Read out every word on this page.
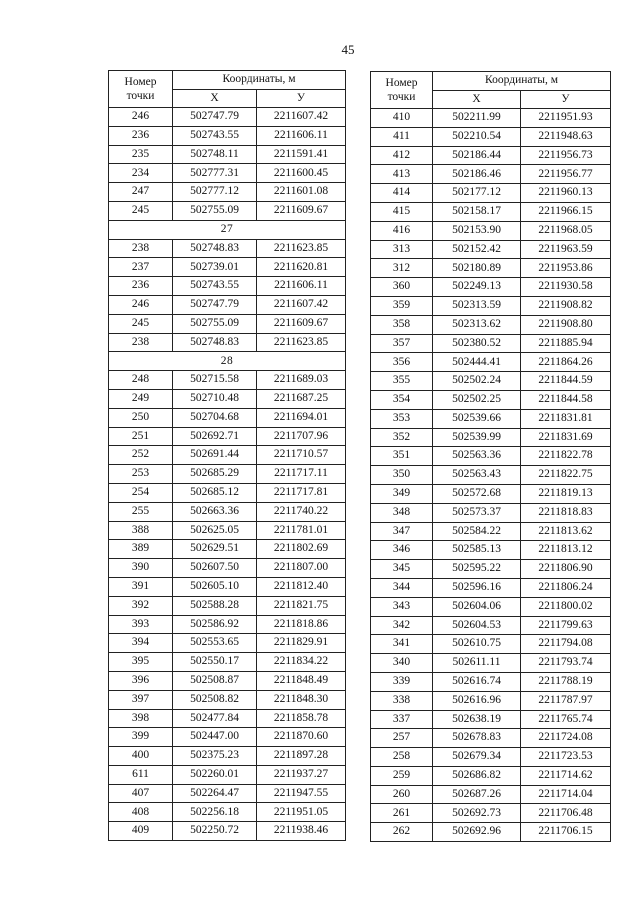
45
Номер точки	Координаты, м	
	X	У
246	502747.79	2211607.42
236	502743.55	2211606.11
235	502748.11	2211591.41
234	502777.31	2211600.45
247	502777.12	2211601.08
245	502755.09	2211609.67
27		
238	502748.83	2211623.85
237	502739.01	2211620.81
236	502743.55	2211606.11
246	502747.79	2211607.42
245	502755.09	2211609.67
238	502748.83	2211623.85
28		
248	502715.58	2211689.03
249	502710.48	2211687.25
250	502704.68	2211694.01
251	502692.71	2211707.96
252	502691.44	2211710.57
253	502685.29	2211717.11
254	502685.12	2211717.81
255	502663.36	2211740.22
388	502625.05	2211781.01
389	502629.51	2211802.69
390	502607.50	2211807.00
391	502605.10	2211812.40
392	502588.28	2211821.75
393	502586.92	2211818.86
394	502553.65	2211829.91
395	502550.17	2211834.22
396	502508.87	2211848.49
397	502508.82	2211848.30
398	502477.84	2211858.78
399	502447.00	2211870.60
400	502375.23	2211897.28
611	502260.01	2211937.27
407	502264.47	2211947.55
408	502256.18	2211951.05
409	502250.72	2211938.46
Номер точки	Координаты, м	
	X	У
410	502211.99	2211951.93
411	502210.54	2211948.63
412	502186.44	2211956.73
413	502186.46	2211956.77
414	502177.12	2211960.13
415	502158.17	2211966.15
416	502153.90	2211968.05
313	502152.42	2211963.59
312	502180.89	2211953.86
360	502249.13	2211930.58
359	502313.59	2211908.82
358	502313.62	2211908.80
357	502380.52	2211885.94
356	502444.41	2211864.26
355	502502.24	2211844.59
354	502502.25	2211844.58
353	502539.66	2211831.81
352	502539.99	2211831.69
351	502563.36	2211822.78
350	502563.43	2211822.75
349	502572.68	2211819.13
348	502573.37	2211818.83
347	502584.22	2211813.62
346	502585.13	2211813.12
345	502595.22	2211806.90
344	502596.16	2211806.24
343	502604.06	2211800.02
342	502604.53	2211799.63
341	502610.75	2211794.08
340	502611.11	2211793.74
339	502616.74	2211788.19
338	502616.96	2211787.97
337	502638.19	2211765.74
257	502678.83	2211724.08
258	502679.34	2211723.53
259	502686.82	2211714.62
260	502687.26	2211714.04
261	502692.73	2211706.48
262	502692.96	2211706.15
